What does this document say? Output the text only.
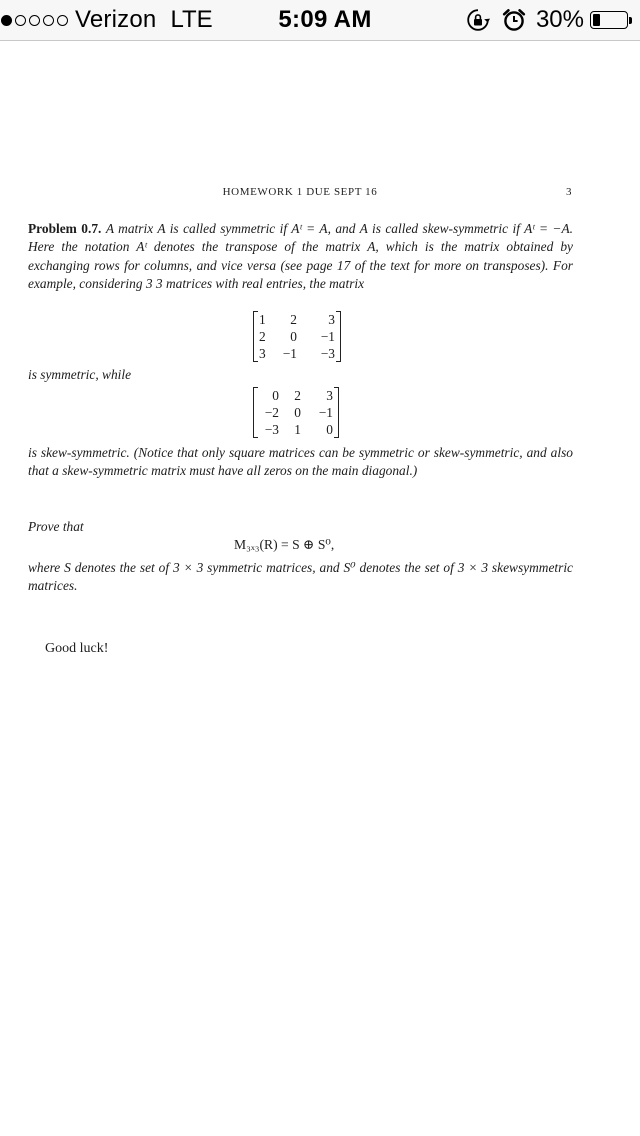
Verizon LTE	5:09 AM	30%
HOMEWORK 1 DUE SEPT 16	3
Problem 0.7. A matrix A is called symmetric if Aᵗ = A, and A is called skew-symmetric if Aᵗ = −A. Here the notation Aᵗ denotes the transpose of the matrix A, which is the matrix obtained by exchanging rows for columns, and vice versa (see page 17 of the text for more on transposes). For example, considering 3 3 matrices with real entries, the matrix
1	2	3
2	0	−1
3	−1	−3
is symmetric, while
0	2	3
−2	0	−1
−3	1	0
is skew-symmetric. (Notice that only square matrices can be symmetric or skew-symmetric, and also that a skew-symmetric matrix must have all zeros on the main diagonal.)
Prove that
M₃ₓ₃(R) = S ⊕ S⁰,
where S denotes the set of 3 × 3 symmetric matrices, and S⁰ denotes the set of 3 × 3 skewsymmetric matrices.
Good luck!
